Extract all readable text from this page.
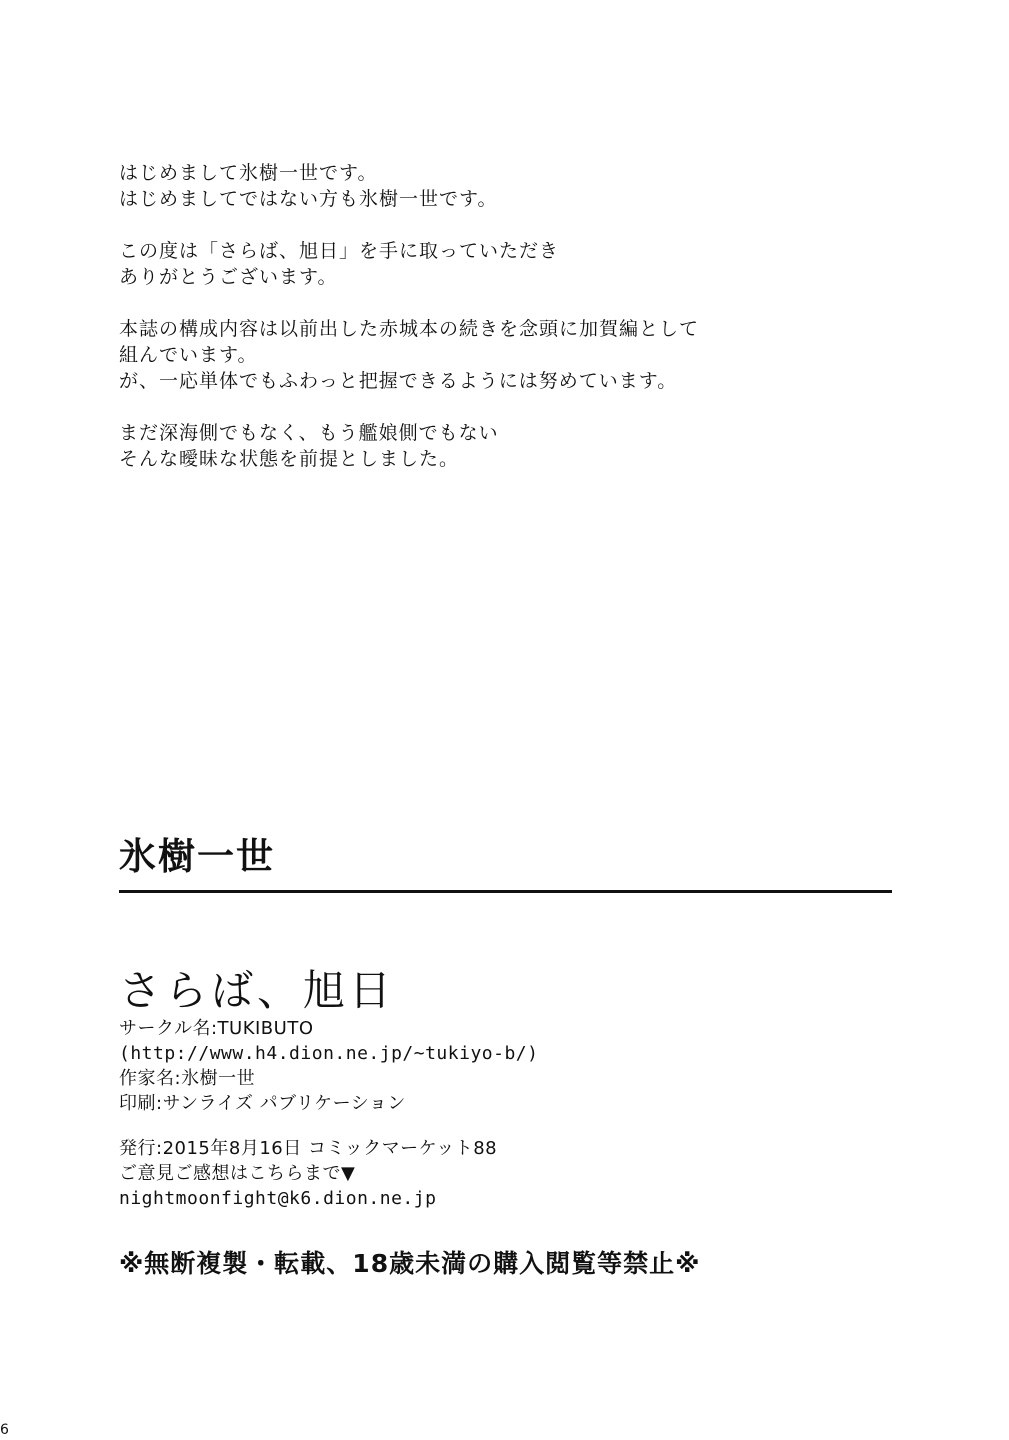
はじめまして氷樹一世です。
はじめましてではない方も氷樹一世です。
この度は「さらば、旭日」を手に取っていただき
ありがとうございます。
本誌の構成内容は以前出した赤城本の続きを念頭に加賀編として
組んでいます。
が、一応単体でもふわっと把握できるようには努めています。
まだ深海側でもなく、もう艦娘側でもない
そんな曖昧な状態を前提としました。
氷樹一世
さらば、旭日
サークル名:TUKIBUTO
(http://www.h4.dion.ne.jp/~tukiyo-b/)
作家名:氷樹一世
印刷:サンライズ パブリケーション
発行:2015年8月16日 コミックマーケット88
ご意見ご感想はこちらまで▼
nightmoonfight@k6.dion.ne.jp
※無断複製・転載、18歳未満の購入閲覧等禁止※
6
